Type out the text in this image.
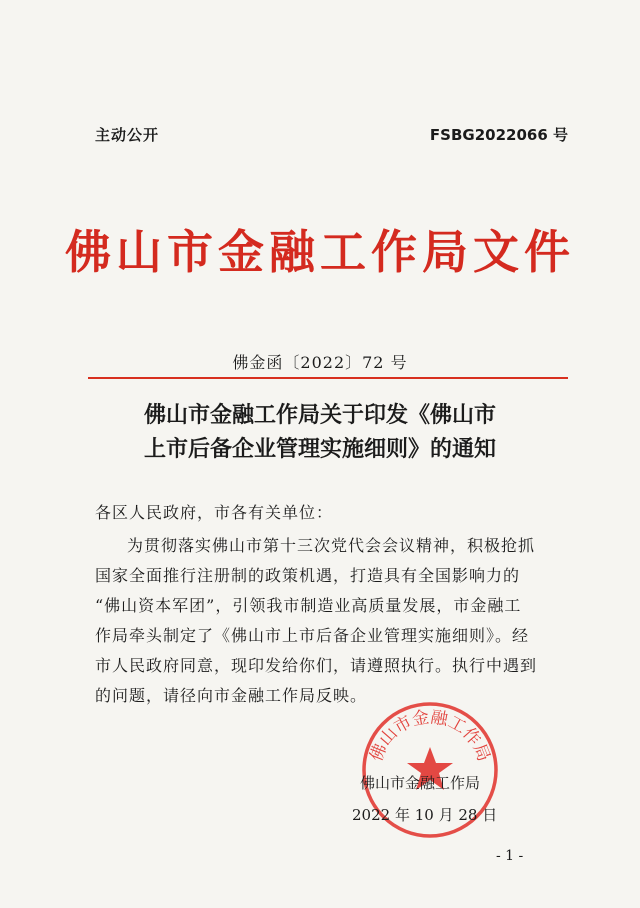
主动公开	FSBG2022066 号
佛山市金融工作局文件
佛金函〔2022〕72 号
佛山市金融工作局关于印发《佛山市
上市后备企业管理实施细则》的通知
各区人民政府，市各有关单位：
为贯彻落实佛山市第十三次党代会会议精神，积极抢抓
国家全面推行注册制的政策机遇，打造具有全国影响力的
“佛山资本军团”，引领我市制造业高质量发展，市金融工
作局牵头制定了《佛山市上市后备企业管理实施细则》。经
市人民政府同意，现印发给你们，请遵照执行。执行中遇到
的问题，请径向市金融工作局反映。
佛山市金融工作局
佛山市金融工作局
2022 年 10 月 28 日
- 1 -
